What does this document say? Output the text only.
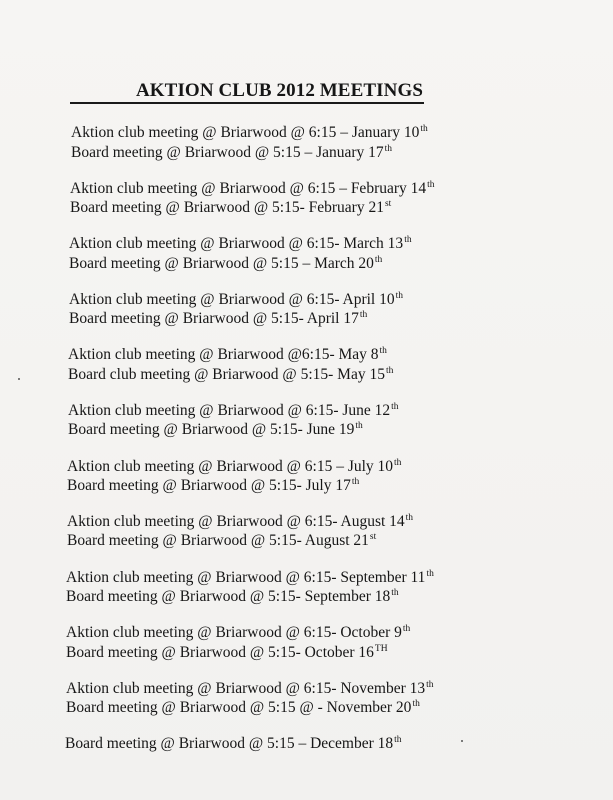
AKTION CLUB 2012 MEETINGS
Aktion club meeting @ Briarwood @ 6:15 – January 10th
Board meeting @ Briarwood @ 5:15 – January 17th
Aktion club meeting @ Briarwood @ 6:15 – February 14th
Board meeting @ Briarwood @ 5:15- February 21st
Aktion club meeting @ Briarwood @ 6:15- March 13th
Board meeting @ Briarwood @ 5:15 – March 20th
Aktion club meeting @ Briarwood @ 6:15- April 10th
Board meeting @ Briarwood @ 5:15- April 17th
Aktion club meeting @ Briarwood @6:15- May 8th
Board club meeting @ Briarwood @ 5:15- May 15th
Aktion club meeting @ Briarwood @ 6:15- June 12th
Board meeting @ Briarwood @ 5:15- June 19th
Aktion club meeting @ Briarwood @ 6:15 – July 10th
Board meeting @ Briarwood @ 5:15- July 17th
Aktion club meeting @ Briarwood @ 6:15- August 14th
Board meeting @ Briarwood @ 5:15- August 21st
Aktion club meeting @ Briarwood @ 6:15- September 11th
Board meeting @ Briarwood @ 5:15- September 18th
Aktion club meeting @ Briarwood @ 6:15- October 9th
Board meeting @ Briarwood @ 5:15- October 16TH
Aktion club meeting @ Briarwood @ 6:15- November 13th
Board meeting @ Briarwood @ 5:15 @ - November 20th
Board meeting @ Briarwood @ 5:15 – December 18th
